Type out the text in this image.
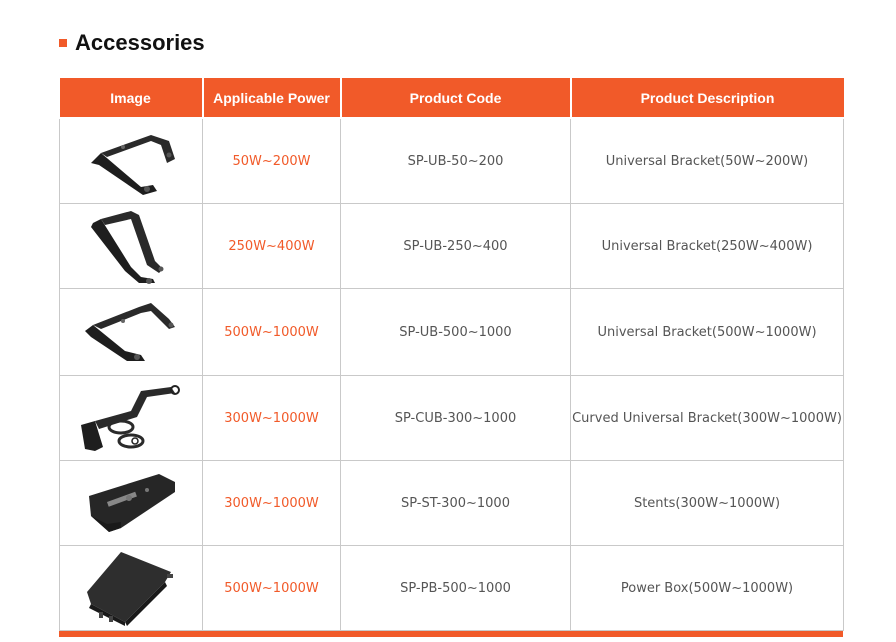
Accessories
Image	Applicable Power	Product Code	Product Description

	50W~200W	SP-UB-50~200	Universal Bracket(50W~200W)

	250W~400W	SP-UB-250~400	Universal Bracket(250W~400W)

	500W~1000W	SP-UB-500~1000	Universal Bracket(500W~1000W)

	300W~1000W	SP-CUB-300~1000	Curved Universal Bracket(300W~1000W)

	300W~1000W	SP-ST-300~1000	Stents(300W~1000W)

	500W~1000W	SP-PB-500~1000	Power Box(500W~1000W)
